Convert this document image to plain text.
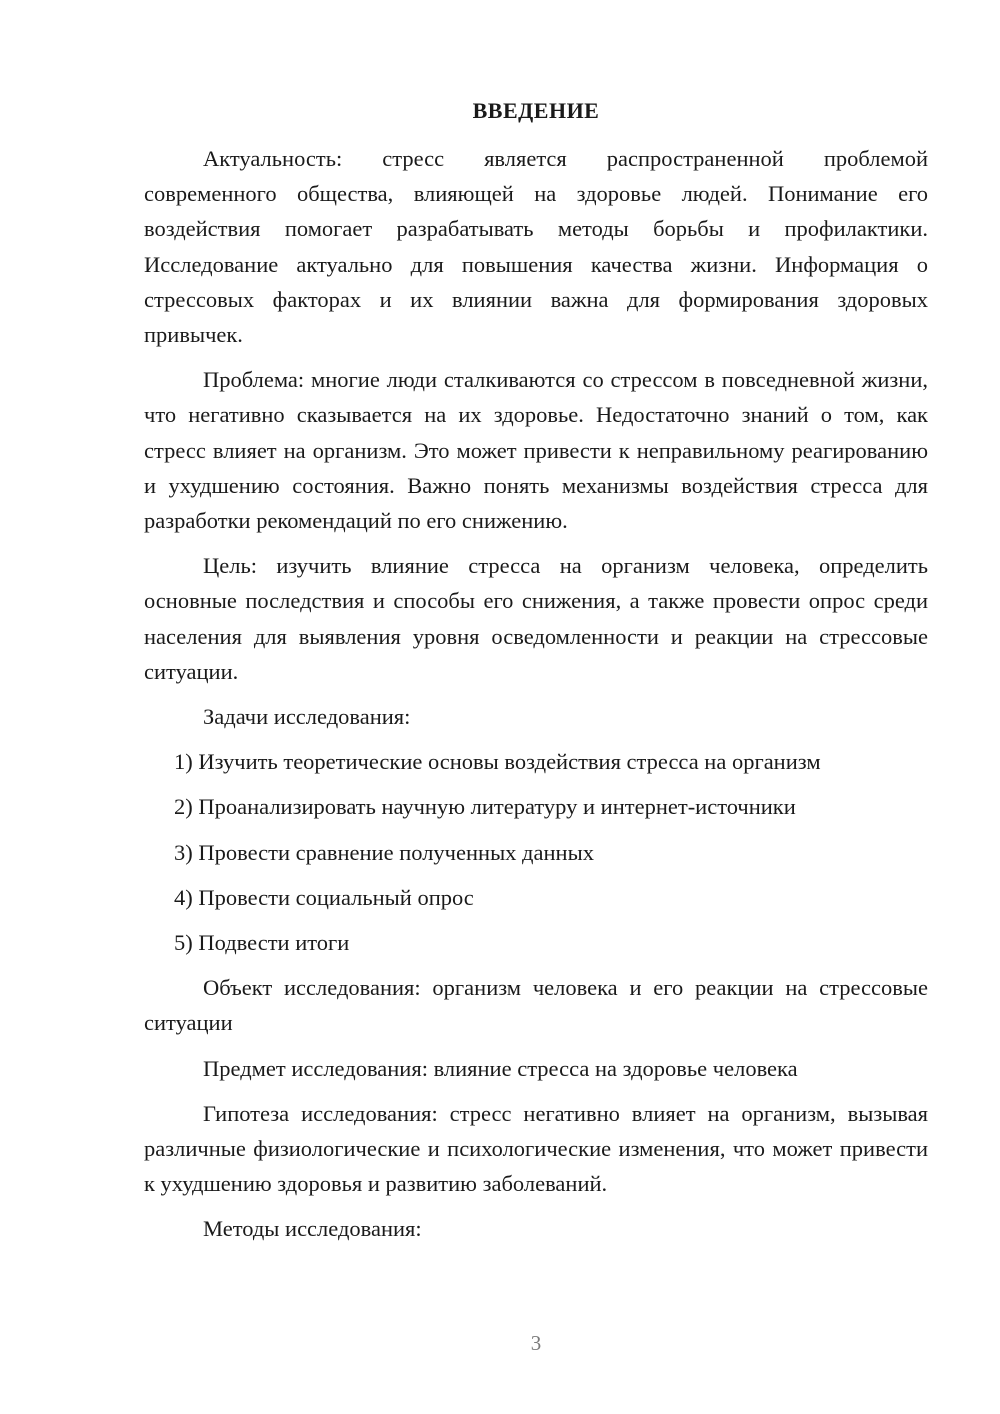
ВВЕДЕНИЕ

Актуальность: стресс является распространенной проблемой современного общества, влияющей на здоровье людей. Понимание его воздействия помогает разрабатывать методы борьбы и профилактики. Исследование актуально для повышения качества жизни. Информация о стрессовых факторах и их влиянии важна для формирования здоровых привычек.

Проблема: многие люди сталкиваются со стрессом в повседневной жизни, что негативно сказывается на их здоровье. Недостаточно знаний о том, как стресс влияет на организм. Это может привести к неправильному реагированию и ухудшению состояния. Важно понять механизмы воздействия стресса для разработки рекомендаций по его снижению.

Цель: изучить влияние стресса на организм человека, определить основные последствия и способы его снижения, а также провести опрос среди населения для выявления уровня осведомленности и реакции на стрессовые ситуации.

Задачи исследования:

1) Изучить теоретические основы воздействия стресса на организм
2) Проанализировать научную литературу и интернет-источники
3) Провести сравнение полученных данных
4) Провести социальный опрос
5) Подвести итоги

Объект исследования: организм человека и его реакции на стрессовые ситуации

Предмет исследования: влияние стресса на здоровье человека

Гипотеза исследования: стресс негативно влияет на организм, вызывая различные физиологические и психологические изменения, что может привести к ухудшению здоровья и развитию заболеваний.

Методы исследования:

3
